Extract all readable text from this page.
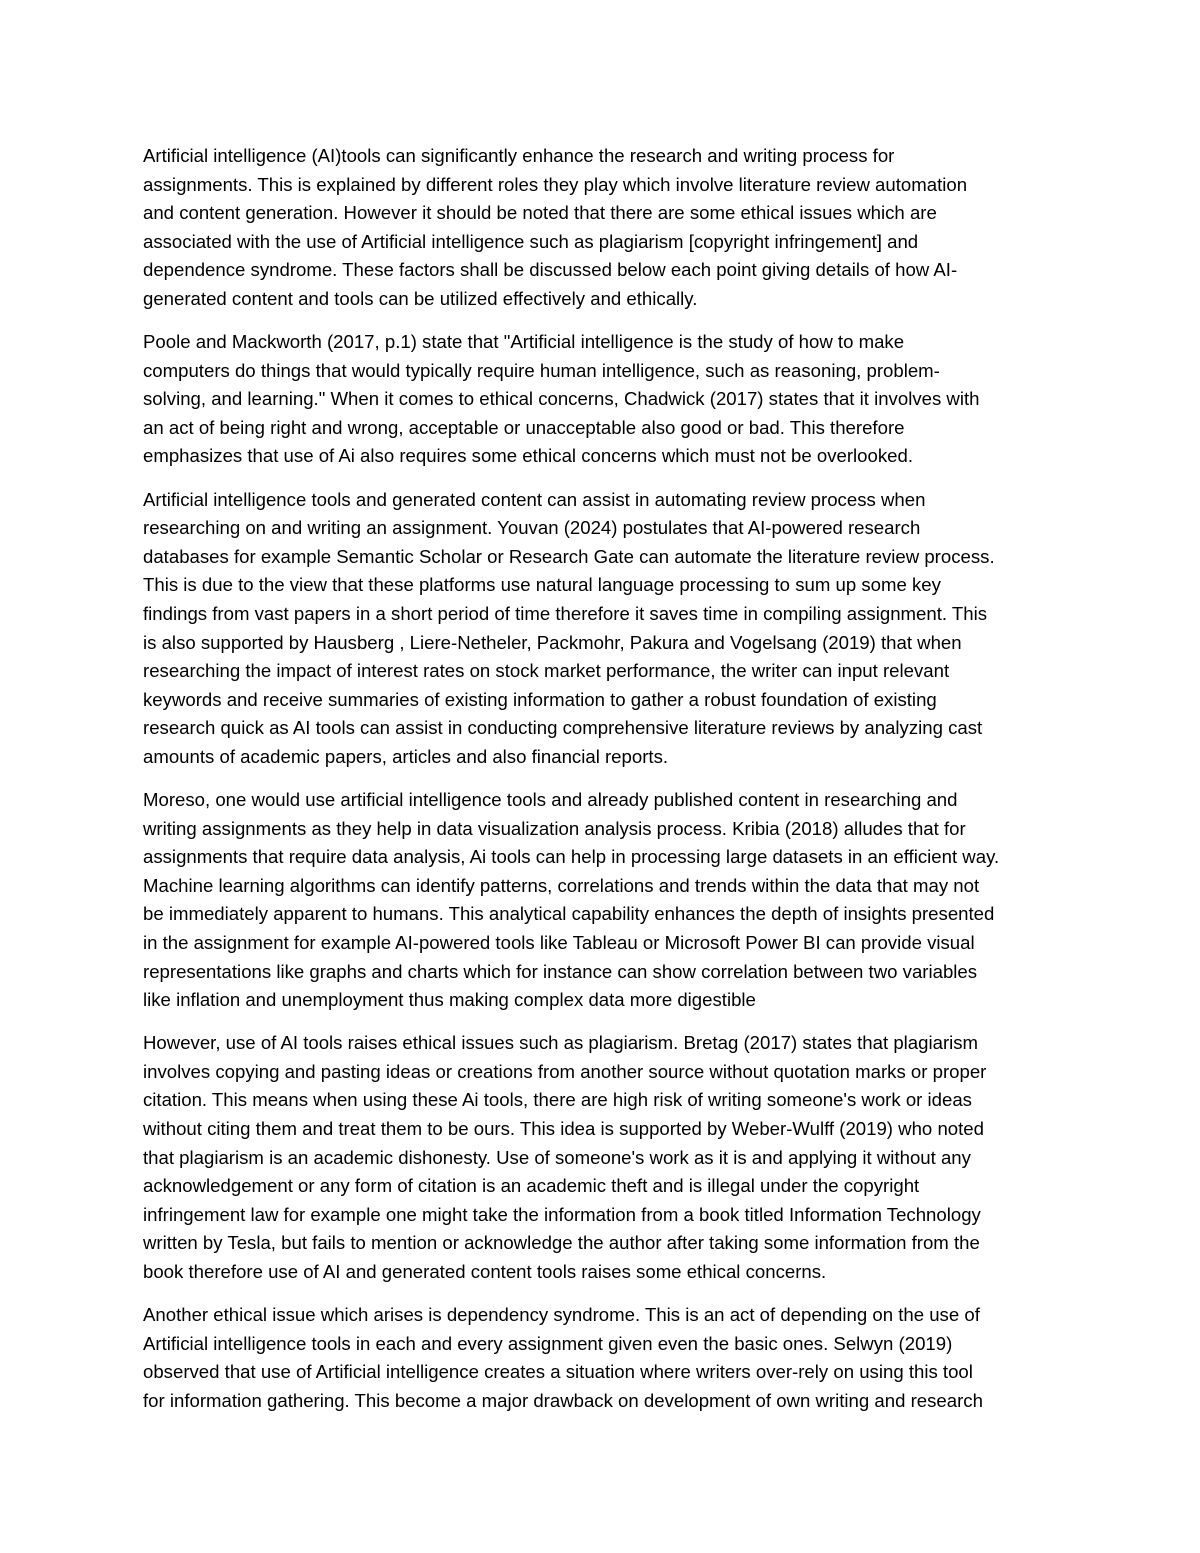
Artificial intelligence (AI)tools can significantly enhance the research and writing process for
assignments. This is explained by different roles they play which involve literature review automation
and content generation. However it should be noted that there are some ethical issues which are
associated with the use of Artificial intelligence such as plagiarism [copyright infringement] and
dependence syndrome. These factors shall be discussed below each point giving details of how AI-
generated content and tools can be utilized effectively and ethically.

Poole and Mackworth (2017, p.1) state that "Artificial intelligence is the study of how to make
computers do things that would typically require human intelligence, such as reasoning, problem-
solving, and learning." When it comes to ethical concerns, Chadwick (2017) states that it involves with
an act of being right and wrong, acceptable or unacceptable also good or bad. This therefore
emphasizes that use of Ai also requires some ethical concerns which must not be overlooked.

Artificial intelligence tools and generated content can assist in automating review process when
researching on and writing an assignment. Youvan (2024) postulates that AI-powered research
databases for example Semantic Scholar or Research Gate can automate the literature review process.
This is due to the view that these platforms use natural language processing to sum up some key
findings from vast papers in a short period of time therefore it saves time in compiling assignment. This
is also supported by Hausberg , Liere-Netheler, Packmohr, Pakura and Vogelsang (2019) that when
researching the impact of interest rates on stock market performance, the writer can input relevant
keywords and receive summaries of existing information to gather a robust foundation of existing
research quick as AI tools can assist in conducting comprehensive literature reviews by analyzing cast
amounts of academic papers, articles and also financial reports.

Moreso, one would use artificial intelligence tools and already published content in researching and
writing assignments as they help in data visualization analysis process. Kribia (2018) alludes that for
assignments that require data analysis, Ai tools can help in processing large datasets in an efficient way.
Machine learning algorithms can identify patterns, correlations and trends within the data that may not
be immediately apparent to humans. This analytical capability enhances the depth of insights presented
in the assignment for example AI-powered tools like Tableau or Microsoft Power BI can provide visual
representations like graphs and charts which for instance can show correlation between two variables
like inflation and unemployment thus making complex data more digestible

However, use of AI tools raises ethical issues such as plagiarism. Bretag (2017) states that plagiarism
involves copying and pasting ideas or creations from another source without quotation marks or proper
citation. This means when using these Ai tools, there are high risk of writing someone's work or ideas
without citing them and treat them to be ours. This idea is supported by Weber-Wulff (2019) who noted
that plagiarism is an academic dishonesty. Use of someone's work as it is and applying it without any
acknowledgement or any form of citation is an academic theft and is illegal under the copyright
infringement law for example one might take the information from a book titled Information Technology
written by Tesla, but fails to mention or acknowledge the author after taking some information from the
book therefore use of AI and generated content tools raises some ethical concerns.

Another ethical issue which arises is dependency syndrome. This is an act of depending on the use of
Artificial intelligence tools in each and every assignment given even the basic ones. Selwyn (2019)
observed that use of Artificial intelligence creates a situation where writers over-rely on using this tool
for information gathering. This become a major drawback on development of own writing and research
